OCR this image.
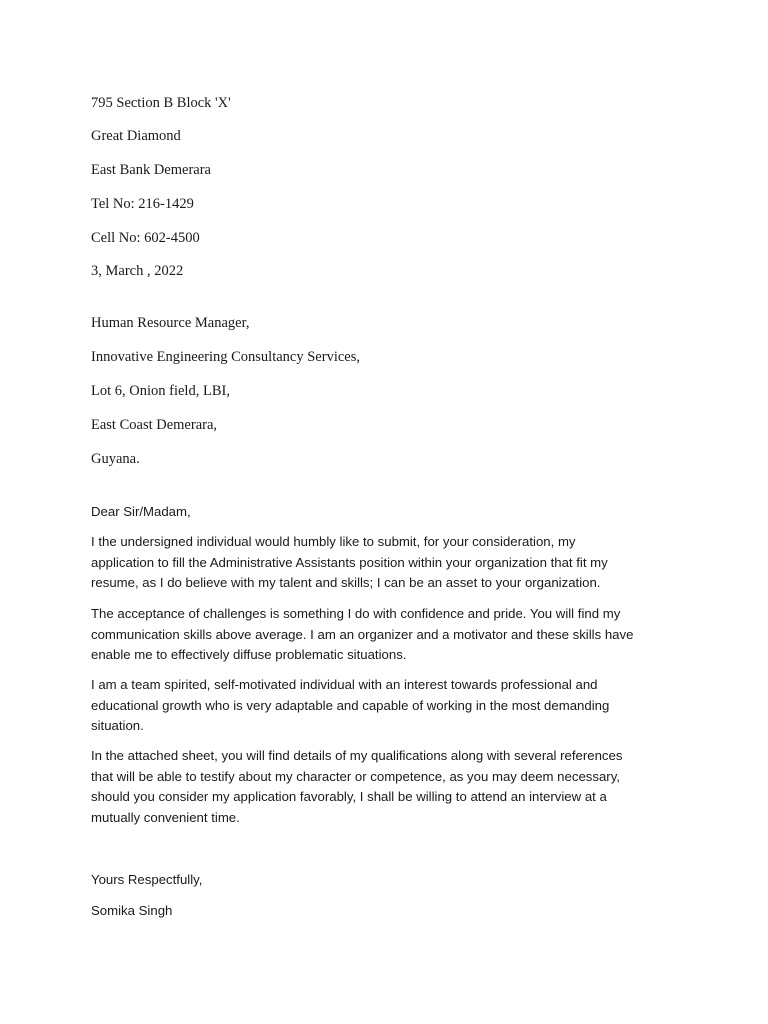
795 Section B Block 'X'

Great Diamond

East Bank Demerara

Tel No: 216-1429

Cell No: 602-4500

3, March , 2022

Human Resource Manager,

Innovative Engineering Consultancy Services,

Lot 6, Onion field, LBI,

East Coast Demerara,

Guyana.

Dear Sir/Madam,

I the undersigned individual would humbly like to submit, for your consideration, my
application to fill the Administrative Assistants position within your organization that fit my
resume, as I do believe with my talent and skills; I can be an asset to your organization.
The acceptance of challenges is something I do with confidence and pride. You will find my
communication skills above average. I am an organizer and a motivator and these skills have
enable me to effectively diffuse problematic situations.
I am a team spirited, self-motivated individual with an interest towards professional and
educational growth who is very adaptable and capable of working in the most demanding
situation.
In the attached sheet, you will find details of my qualifications along with several references
that will be able to testify about my character or competence, as you may deem necessary,
should you consider my application favorably, I shall be willing to attend an interview at a
mutually convenient time.

Yours Respectfully,

Somika Singh
